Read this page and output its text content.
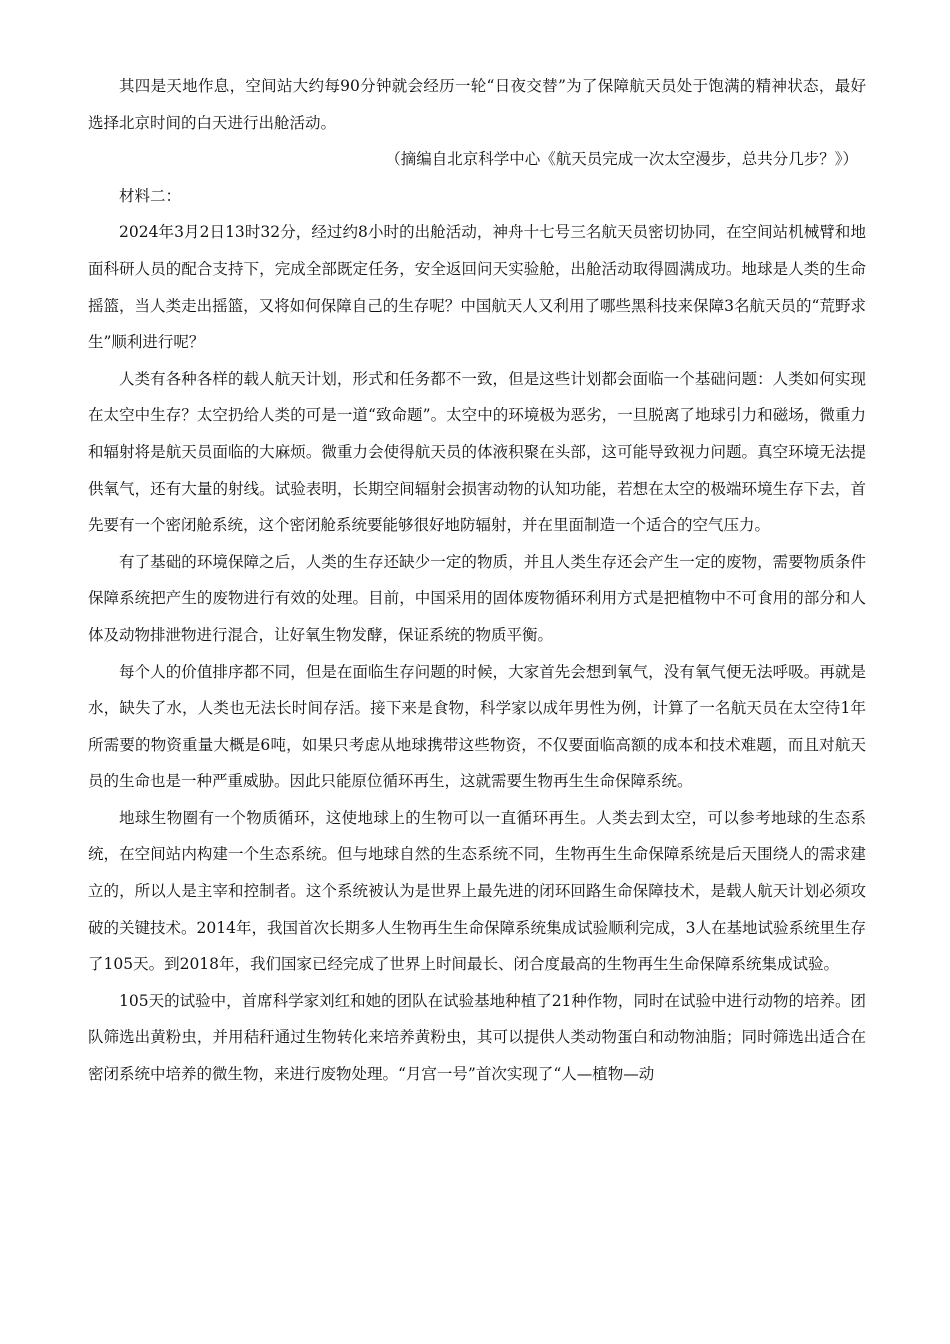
其四是天地作息，空间站大约每90分钟就会经历一轮“日夜交替”为了保障航天员处于饱满的精神状态，最好选择北京时间的白天进行出舱活动。

（摘编自北京科学中心《航天员完成一次太空漫步，总共分几步？》）

材料二：

2024年3月2日13时32分，经过约8小时的出舱活动，神舟十七号三名航天员密切协同，在空间站机械臂和地面科研人员的配合支持下，完成全部既定任务，安全返回问天实验舱，出舱活动取得圆满成功。地球是人类的生命摇篮，当人类走出摇篮，又将如何保障自己的生存呢？中国航天人又利用了哪些黑科技来保障3名航天员的“荒野求生”顺利进行呢？

人类有各种各样的载人航天计划，形式和任务都不一致，但是这些计划都会面临一个基础问题：人类如何实现在太空中生存？太空扔给人类的可是一道“致命题”。太空中的环境极为恶劣，一旦脱离了地球引力和磁场，微重力和辐射将是航天员面临的大麻烦。微重力会使得航天员的体液积聚在头部，这可能导致视力问题。真空环境无法提供氧气，还有大量的射线。试验表明，长期空间辐射会损害动物的认知功能，若想在太空的极端环境生存下去，首先要有一个密闭舱系统，这个密闭舱系统要能够很好地防辐射，并在里面制造一个适合的空气压力。

有了基础的环境保障之后，人类的生存还缺少一定的物质，并且人类生存还会产生一定的废物，需要物质条件保障系统把产生的废物进行有效的处理。目前，中国采用的固体废物循环利用方式是把植物中不可食用的部分和人体及动物排泄物进行混合，让好氧生物发酵，保证系统的物质平衡。

每个人的价值排序都不同，但是在面临生存问题的时候，大家首先会想到氧气，没有氧气便无法呼吸。再就是水，缺失了水，人类也无法长时间存活。接下来是食物，科学家以成年男性为例，计算了一名航天员在太空待1年所需要的物资重量大概是6吨，如果只考虑从地球携带这些物资，不仅要面临高额的成本和技术难题，而且对航天员的生命也是一种严重威胁。因此只能原位循环再生，这就需要生物再生生命保障系统。

地球生物圈有一个物质循环，这使地球上的生物可以一直循环再生。人类去到太空，可以参考地球的生态系统，在空间站内构建一个生态系统。但与地球自然的生态系统不同，生物再生生命保障系统是后天围绕人的需求建立的，所以人是主宰和控制者。这个系统被认为是世界上最先进的闭环回路生命保障技术，是载人航天计划必须攻破的关键技术。2014年，我国首次长期多人生物再生生命保障系统集成试验顺利完成，3人在基地试验系统里生存了105天。到2018年，我们国家已经完成了世界上时间最长、闭合度最高的生物再生生命保障系统集成试验。

105天的试验中，首席科学家刘红和她的团队在试验基地种植了21种作物，同时在试验中进行动物的培养。团队筛选出黄粉虫，并用秸秆通过生物转化来培养黄粉虫，其可以提供人类动物蛋白和动物油脂；同时筛选出适合在密闭系统中培养的微生物，来进行废物处理。“月宫一号”首次实现了“人—植物—动
